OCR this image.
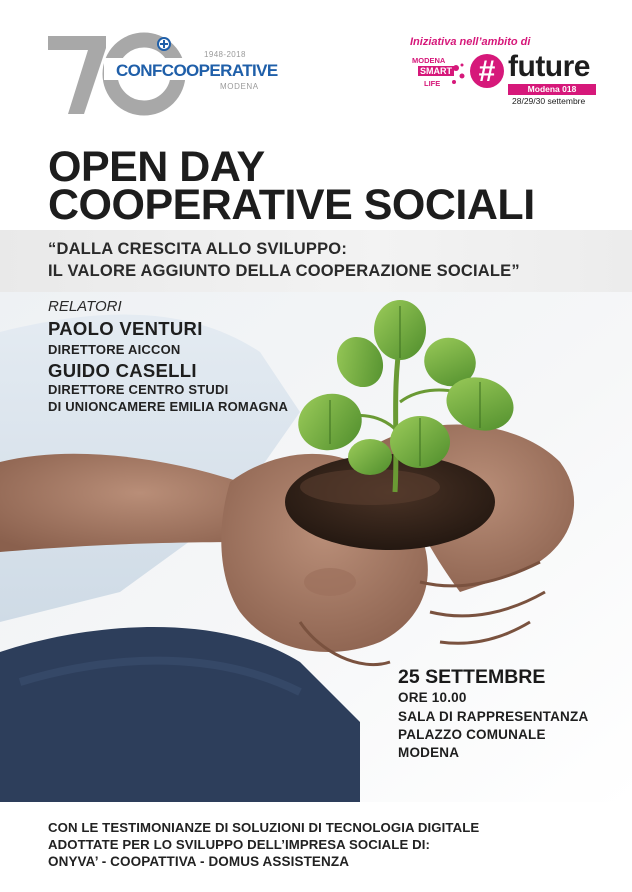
1948-2018
CONFCOOPERATIVE
MODENA
Iniziativa nell’ambito di
MODENA
SMART
LIFE # future
Modena 018
28/29/30 settembre
OPEN DAY
COOPERATIVE SOCIALI
“DALLA CRESCITA ALLO SVILUPPO:
IL VALORE AGGIUNTO DELLA COOPERAZIONE SOCIALE”
RELATORI
PAOLO VENTURI
DIRETTORE AICCON
GUIDO CASELLI
DIRETTORE CENTRO STUDI
DI UNIONCAMERE EMILIA ROMAGNA
25 SETTEMBRE
ORE 10.00
SALA DI RAPPRESENTANZA
PALAZZO COMUNALE
MODENA
CON LE TESTIMONIANZE DI SOLUZIONI DI TECNOLOGIA DIGITALE
ADOTTATE PER LO SVILUPPO DELL’IMPRESA SOCIALE DI:
ONYVA’ - COOPATTIVA - DOMUS ASSISTENZA
